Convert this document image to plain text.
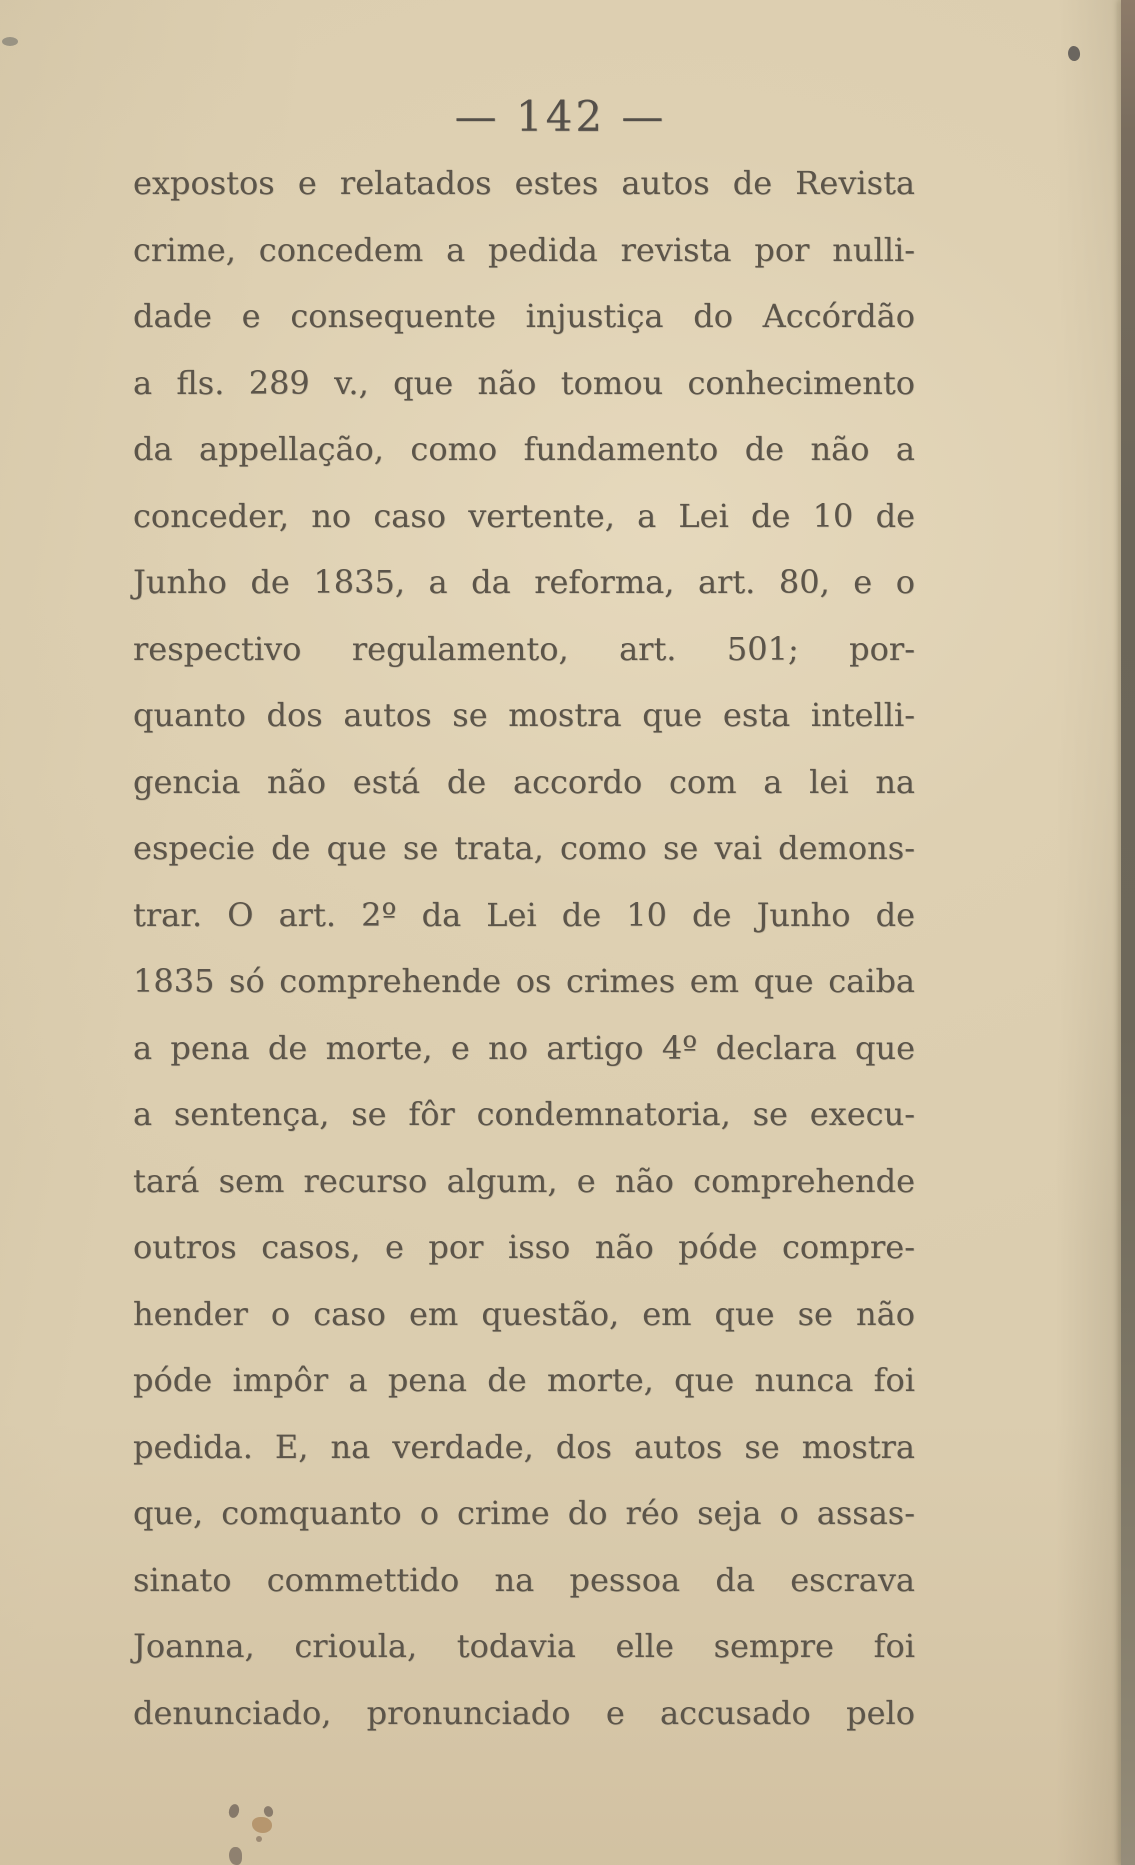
— 142 —
expostos e relatados estes autos de Revista
crime, concedem a pedida revista por nulli-
dade e consequente injustiça do Accórdão
a fls. 289 v., que não tomou conhecimento
da appellação, como fundamento de não a
conceder, no caso vertente, a Lei de 10 de
Junho de 1835, a da reforma, art. 80, e o
respectivo regulamento, art. 501; por-
quanto dos autos se mostra que esta intelli-
gencia não está de accordo com a lei na
especie de que se trata, como se vai demons-
trar. O art. 2º da Lei de 10 de Junho de
1835 só comprehende os crimes em que caiba
a pena de morte, e no artigo 4º declara que
a sentença, se fôr condemnatoria, se execu-
tará sem recurso algum, e não comprehende
outros casos, e por isso não póde compre-
hender o caso em questão, em que se não
póde impôr a pena de morte, que nunca foi
pedida. E, na verdade, dos autos se mostra
que, comquanto o crime do réo seja o assas-
sinato commettido na pessoa da escrava
Joanna, crioula, todavia elle sempre foi
denunciado, pronunciado e accusado pelo
